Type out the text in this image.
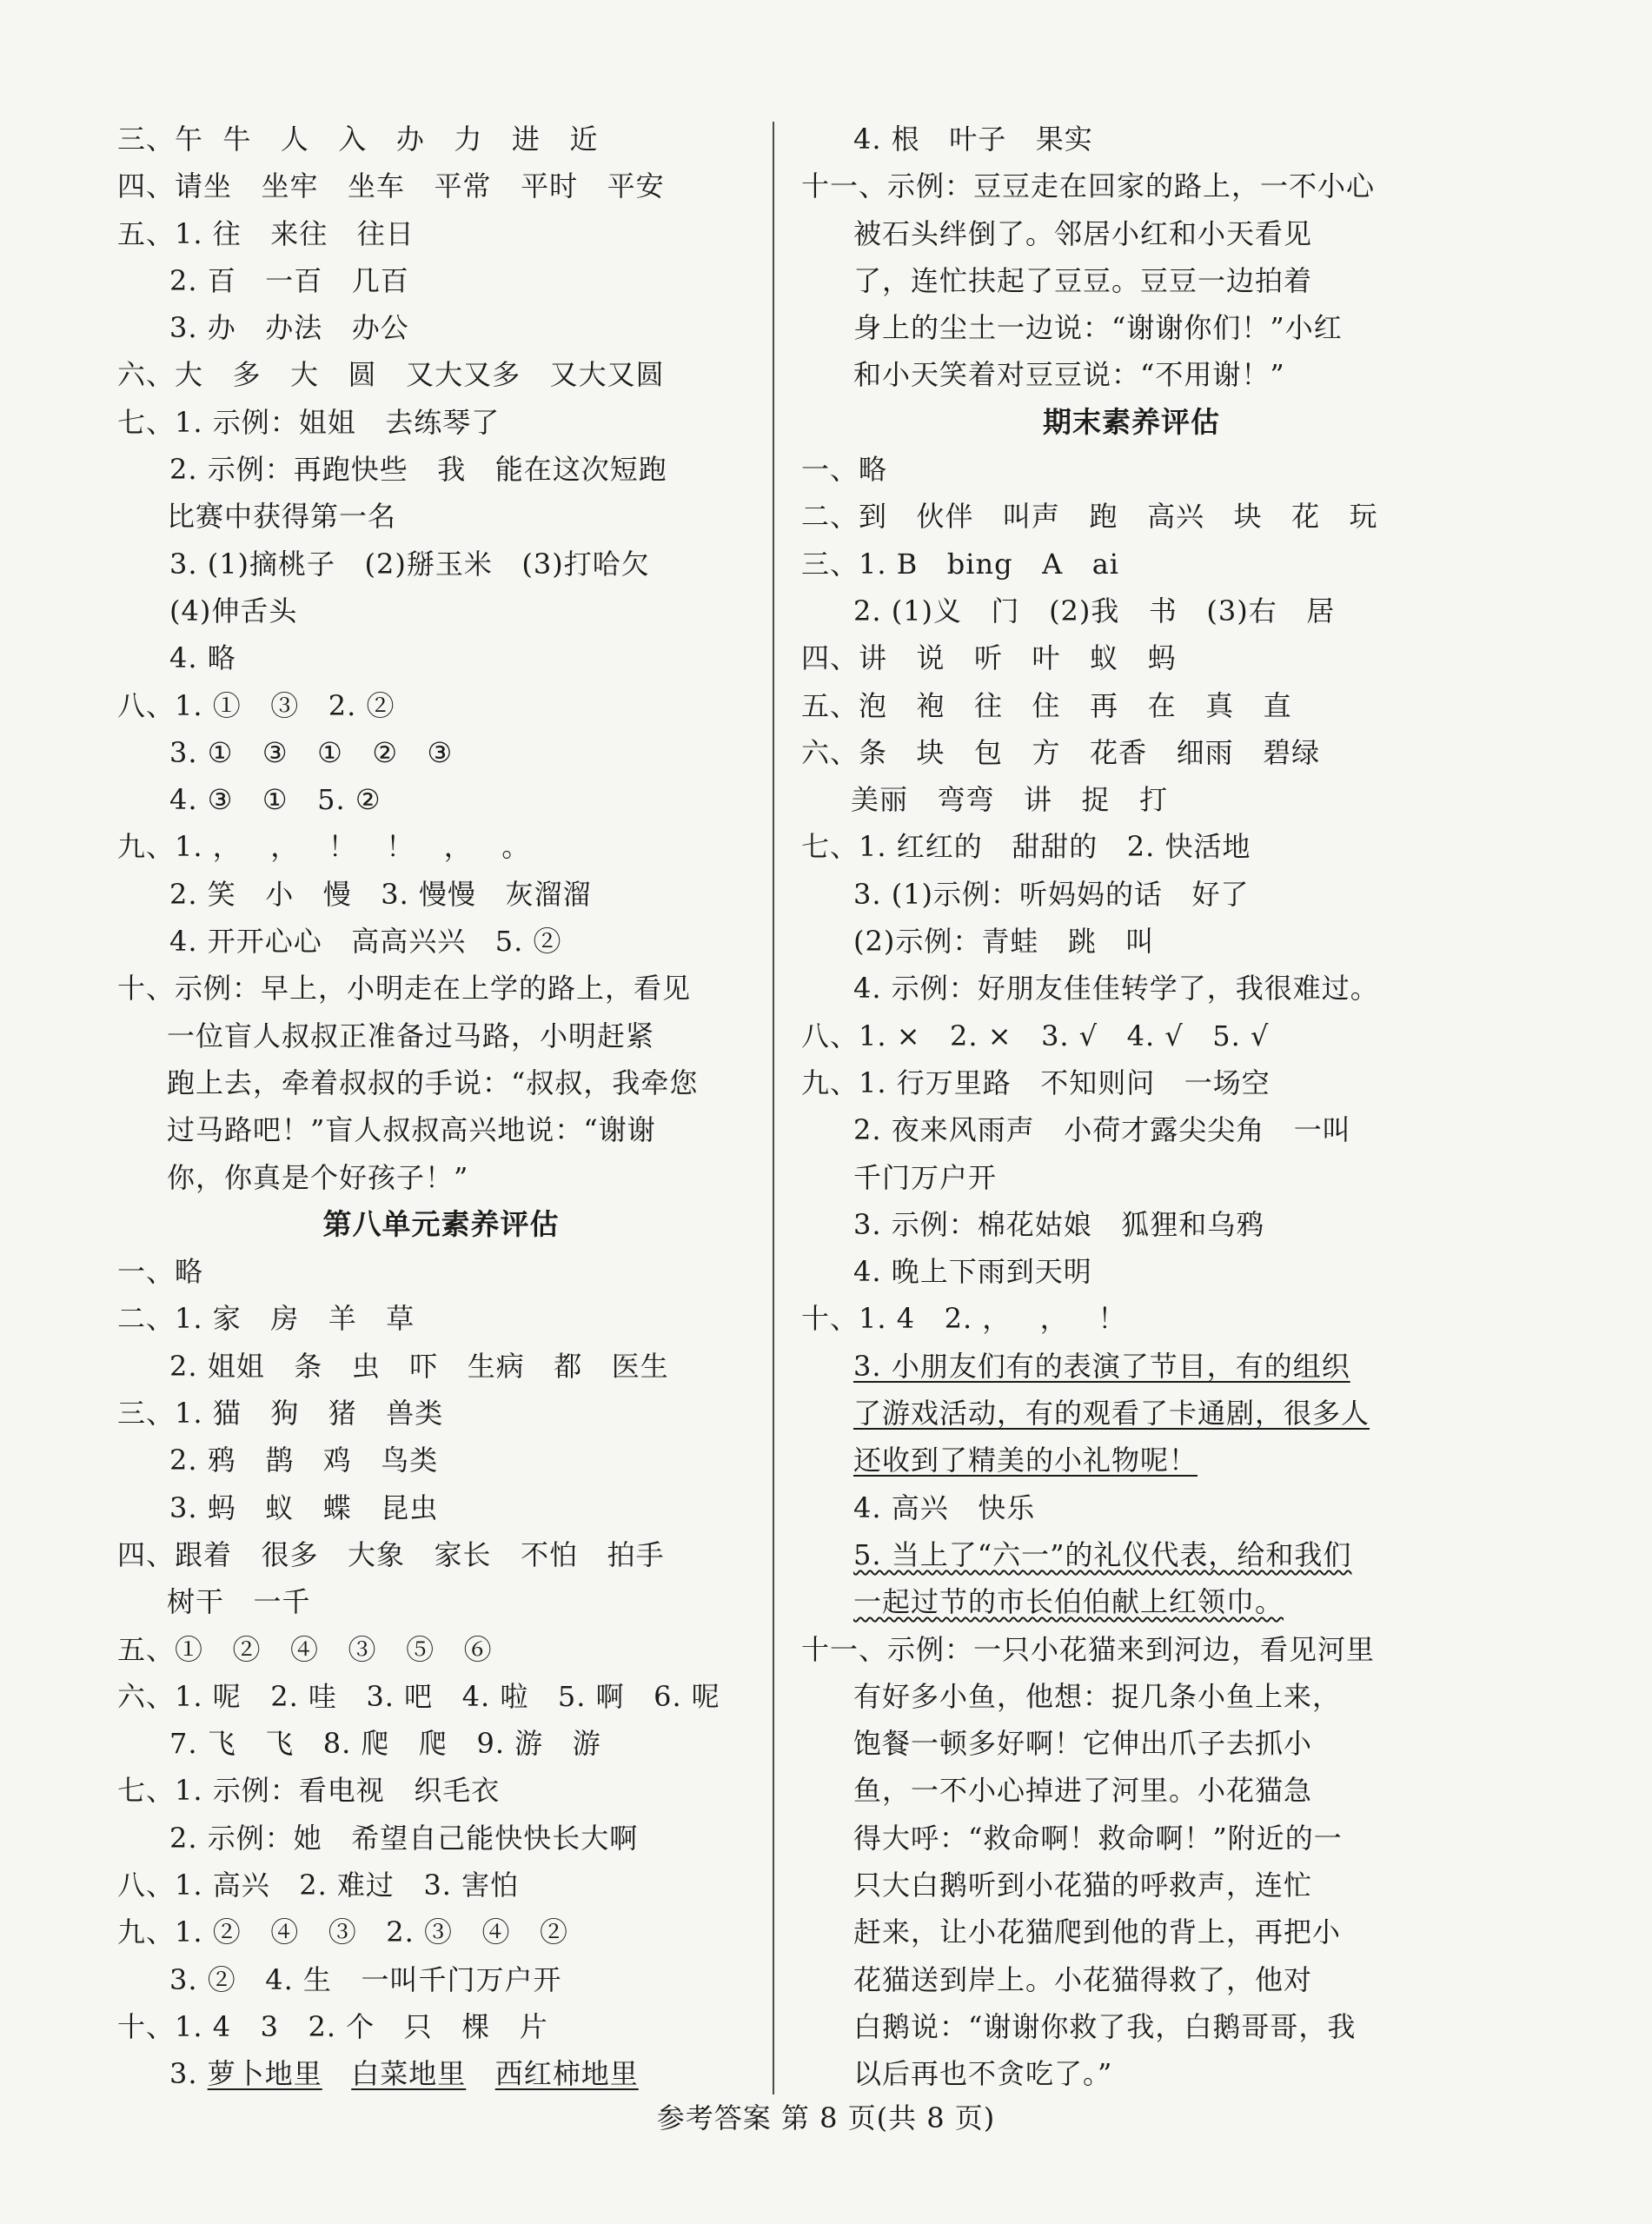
三、午  牛   人   入   办   力   进   近
四、请坐   坐牢   坐车   平常   平时   平安
五、1. 往   来往   往日
2. 百   一百   几百
3. 办   办法   办公
六、大   多   大   圆   又大又多   又大又圆
七、1. 示例：姐姐   去练琴了
2. 示例：再跑快些   我   能在这次短跑
比赛中获得第一名
3. (1)摘桃子   (2)掰玉米   (3)打哈欠
(4)伸舌头
4. 略
八、1. ①   ③   2. ②
3. ①   ③   ①   ②   ③
4. ③   ①   5. ②
九、1. ，   ，   ！   ！   ，   。
2. 笑   小   慢   3. 慢慢   灰溜溜
4. 开开心心   高高兴兴   5. ②
十、示例：早上，小明走在上学的路上，看见
一位盲人叔叔正准备过马路，小明赶紧
跑上去，牵着叔叔的手说：“叔叔，我牵您
过马路吧！”盲人叔叔高兴地说：“谢谢
你，你真是个好孩子！”
第八单元素养评估
一、略
二、1. 家   房   羊   草
2. 姐姐   条   虫   吓   生病   都   医生
三、1. 猫   狗   猪   兽类
2. 鸦   鹊   鸡   鸟类
3. 蚂   蚁   蝶   昆虫
四、跟着   很多   大象   家长   不怕   拍手
树干   一千
五、①   ②   ④   ③   ⑤   ⑥
六、1. 呢   2. 哇   3. 吧   4. 啦   5. 啊   6. 呢
7. 飞   飞   8. 爬   爬   9. 游   游
七、1. 示例：看电视   织毛衣
2. 示例：她   希望自己能快快长大啊
八、1. 高兴   2. 难过   3. 害怕
九、1. ②   ④   ③   2. ③   ④   ②
3. ②   4. 生   一叫千门万户开
十、1. 4   3   2. 个   只   棵   片
3. 萝卜地里 白菜地里 西红柿地里
4. 根   叶子   果实
十一、示例：豆豆走在回家的路上，一不小心
被石头绊倒了。邻居小红和小天看见
了，连忙扶起了豆豆。豆豆一边拍着
身上的尘土一边说：“谢谢你们！”小红
和小天笑着对豆豆说：“不用谢！”
期末素养评估
一、略
二、到   伙伴   叫声   跑   高兴   块   花   玩
三、1. B   bing   A   ai
2. (1)义   门   (2)我   书   (3)右   居
四、讲   说   听   叶   蚁   蚂
五、泡   袍   往   住   再   在   真   直
六、条   块   包   方   花香   细雨   碧绿
美丽   弯弯   讲   捉   打
七、1. 红红的   甜甜的   2. 快活地
3. (1)示例：听妈妈的话   好了
(2)示例：青蛙   跳   叫
4. 示例：好朋友佳佳转学了，我很难过。
八、1. ×   2. ×   3. √   4. √   5. √
九、1. 行万里路   不知则问   一场空
2. 夜来风雨声   小荷才露尖尖角   一叫
千门万户开
3. 示例：棉花姑娘   狐狸和乌鸦
4. 晚上下雨到天明
十、1. 4   2. ，   ，   ！
3. 小朋友们有的表演了节目，有的组织
了游戏活动，有的观看了卡通剧，很多人
还收到了精美的小礼物呢！
4. 高兴   快乐
5. 当上了“六一”的礼仪代表，给和我们
一起过节的市长伯伯献上红领巾。
十一、示例：一只小花猫来到河边，看见河里
有好多小鱼，他想：捉几条小鱼上来，
饱餐一顿多好啊！它伸出爪子去抓小
鱼，一不小心掉进了河里。小花猫急
得大呼：“救命啊！救命啊！”附近的一
只大白鹅听到小花猫的呼救声，连忙
赶来，让小花猫爬到他的背上，再把小
花猫送到岸上。小花猫得救了，他对
白鹅说：“谢谢你救了我，白鹅哥哥，我
以后再也不贪吃了。”
参考答案 第 8 页(共 8 页)
